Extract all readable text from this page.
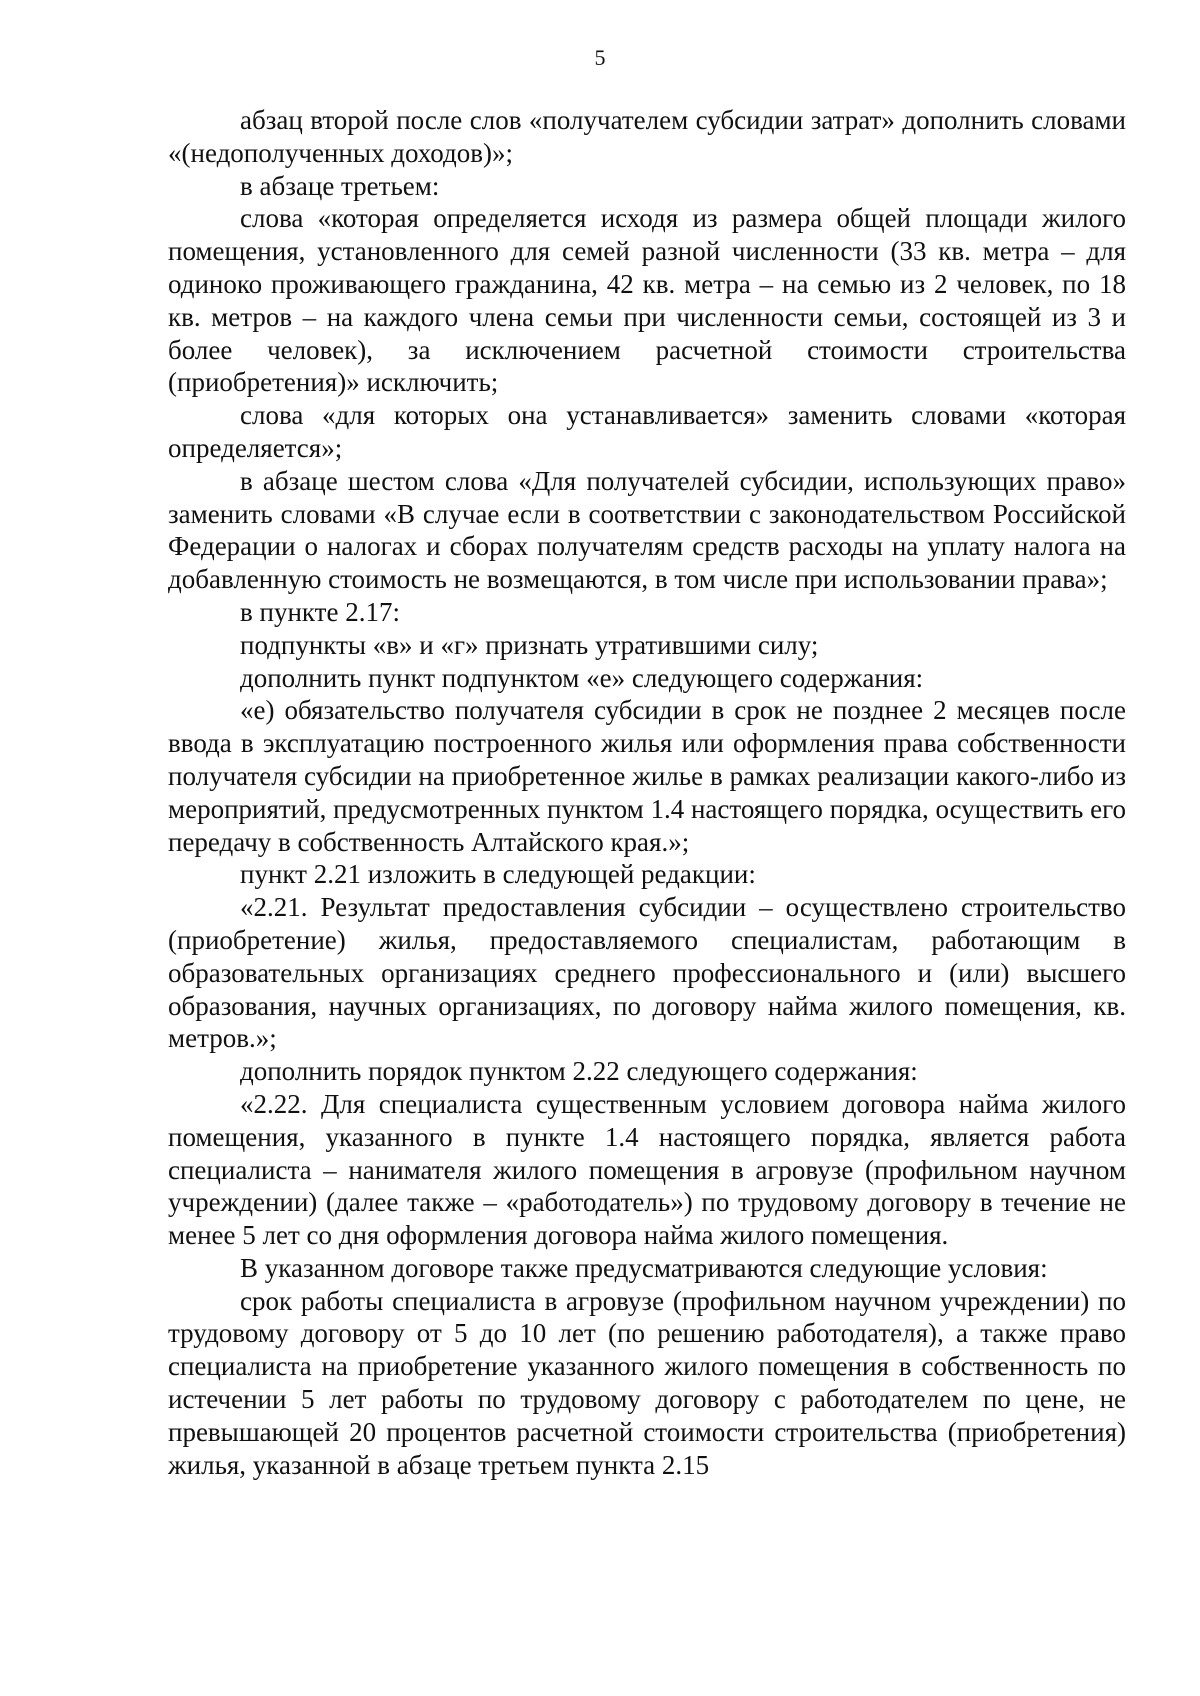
5

абзац второй после слов «получателем субсидии затрат» дополнить словами «(недополученных доходов)»;

в абзаце третьем:

слова «которая определяется исходя из размера общей площади жилого помещения, установленного для семей разной численности (33 кв. метра – для одиноко проживающего гражданина, 42 кв. метра – на семью из 2 человек, по 18 кв. метров – на каждого члена семьи при численности семьи, состоящей из 3 и более человек), за исключением расчетной стоимости строительства (приобретения)» исключить;

слова «для которых она устанавливается» заменить словами «которая определяется»;

в абзаце шестом слова «Для получателей субсидии, использующих право» заменить словами «В случае если в соответствии с законодательством Российской Федерации о налогах и сборах получателям средств расходы на уплату налога на добавленную стоимость не возмещаются, в том числе при использовании права»;

в пункте 2.17:

подпункты «в» и «г» признать утратившими силу;

дополнить пункт подпунктом «е» следующего содержания:

«е) обязательство получателя субсидии в срок не позднее 2 месяцев после ввода в эксплуатацию построенного жилья или оформления права собственности получателя субсидии на приобретенное жилье в рамках реализации какого-либо из мероприятий, предусмотренных пунктом 1.4 настоящего порядка, осуществить его передачу в собственность Алтайского края.»;

пункт 2.21 изложить в следующей редакции:

«2.21. Результат предоставления субсидии – осуществлено строительство (приобретение) жилья, предоставляемого специалистам, работающим в образовательных организациях среднего профессионального и (или) высшего образования, научных организациях, по договору найма жилого помещения, кв. метров.»;

дополнить порядок пунктом 2.22 следующего содержания:

«2.22. Для специалиста существенным условием договора найма жилого помещения, указанного в пункте 1.4 настоящего порядка, является работа специалиста – нанимателя жилого помещения в агровузе (профильном научном учреждении) (далее также – «работодатель») по трудовому договору в течение не менее 5 лет со дня оформления договора найма жилого помещения.

В указанном договоре также предусматриваются следующие условия:

срок работы специалиста в агровузе (профильном научном учреждении) по трудовому договору от 5 до 10 лет (по решению работодателя), а также право специалиста на приобретение указанного жилого помещения в собственность по истечении 5 лет работы по трудовому договору с работодателем по цене, не превышающей 20 процентов расчетной стоимости строительства (приобретения) жилья, указанной в абзаце третьем пункта 2.15
